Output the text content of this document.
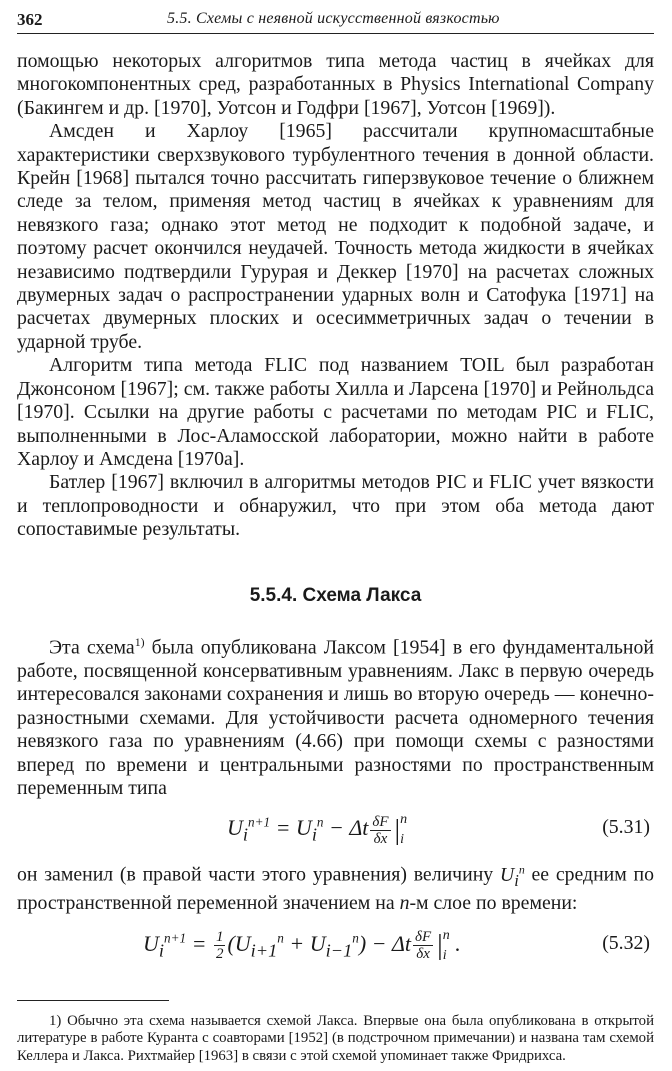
362	5.5. Схемы с неявной искусственной вязкостью

помощью некоторых алгоритмов типа метода частиц в ячейках для многокомпонентных сред, разработанных в Physics International Company (Бакингем и др. [1970], Уотсон и Годфри [1967], Уотсон [1969]).

Амсден и Харлоу [1965] рассчитали крупномасштабные характеристики сверхзвукового турбулентного течения в донной области. Крейн [1968] пытался точно рассчитать гиперзвуковое течение о ближнем следе за телом, применяя метод частиц в ячейках к уравнениям для невязкого газа; однако этот метод не подходит к подобной задаче, и поэтому расчет окончился неудачей. Точность метода жидкости в ячейках независимо подтвердили Гурурая и Деккер [1970] на расчетах сложных двумерных задач о распространении ударных волн и Сатофука [1971] на расчетах двумерных плоских и осесимметричных задач о течении в ударной трубе.

Алгоритм типа метода FLIC под названием TOIL был разработан Джонсоном [1967]; см. также работы Хилла и Ларсена [1970] и Рейнольдса [1970]. Ссылки на другие работы с расчетами по методам PIC и FLIC, выполненными в Лос-Аламосской лаборатории, можно найти в работе Харлоу и Амсдена [1970a].

Батлер [1967] включил в алгоритмы методов PIC и FLIC учет вязкости и теплопроводности и обнаружил, что при этом оба метода дают сопоставимые результаты.

5.5.4. Схема Лакса

Эта схема$^{1)}$ была опубликована Лаксом [1954] в его фундаментальной работе, посвященной консервативным уравнениям. Лакс в первую очередь интересовался законами сохранения и лишь во вторую очередь — конечно-разностными схемами. Для устойчивости расчета одномерного течения невязкого газа по уравнениям (4.66) при помощи схемы с разностями вперед по времени и центральными разностями по пространственным переменным типа

$U_i^{n+1} = U_i^n - \Delta t \frac{\delta F}{\delta x}$ | n
i
(5.31)

он заменил (в правой части этого уравнения) величину $U_i^n$ ее средним по пространственной переменной значением на n-м слое по времени:

$U_i^{n+1} = \frac{1}{2} (U_{i+1}^n + U_{i-1}^n) - \Delta t \frac{\delta F}{\delta x}$ | n
i .	(5.32)

1) Обычно эта схема называется схемой Лакса. Впервые она была опубликована в открытой литературе в работе Куранта с соавторами [1952] (в подстрочном примечании) и названа там схемой Келлера и Лакса. Рихтмайер [1963] в связи с этой схемой упоминает также Фридрихса.
